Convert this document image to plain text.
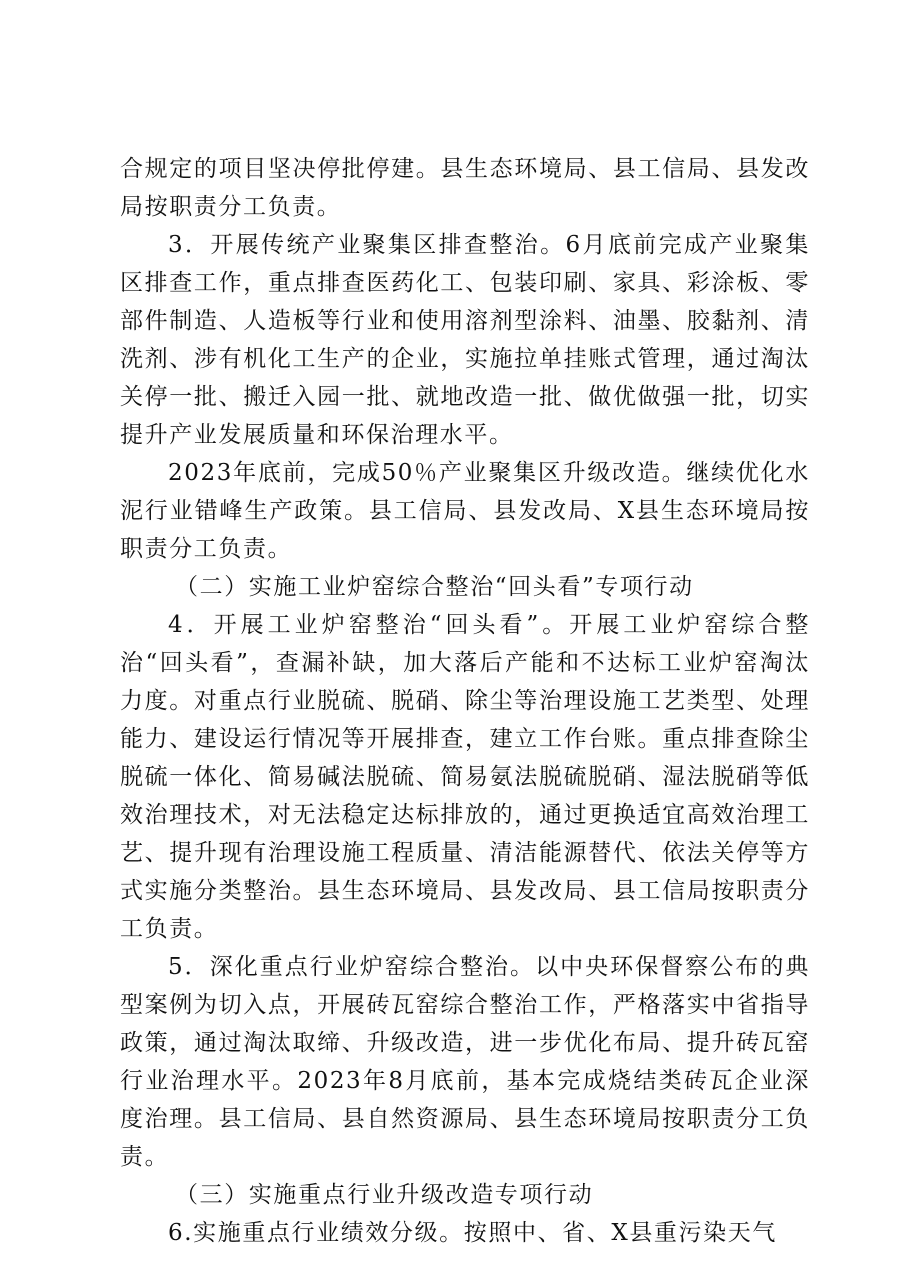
合规定的项目坚决停批停建。县生态环境局、县工信局、县发改局按职责分工负责。

3．开展传统产业聚集区排查整治。6月底前完成产业聚集区排查工作，重点排查医药化工、包装印刷、家具、彩涂板、零部件制造、人造板等行业和使用溶剂型涂料、油墨、胶黏剂、清洗剂、涉有机化工生产的企业，实施拉单挂账式管理，通过淘汰关停一批、搬迁入园一批、就地改造一批、做优做强一批，切实提升产业发展质量和环保治理水平。

2023年底前，完成50％产业聚集区升级改造。继续优化水泥行业错峰生产政策。县工信局、县发改局、X县生态环境局按职责分工负责。

（二）实施工业炉窑综合整治“回头看”专项行动

4．开展工业炉窑整治“回头看”。开展工业炉窑综合整治“回头看”，查漏补缺，加大落后产能和不达标工业炉窑淘汰力度。对重点行业脱硫、脱硝、除尘等治理设施工艺类型、处理能力、建设运行情况等开展排查，建立工作台账。重点排查除尘脱硫一体化、简易碱法脱硫、简易氨法脱硫脱硝、湿法脱硝等低效治理技术，对无法稳定达标排放的，通过更换适宜高效治理工艺、提升现有治理设施工程质量、清洁能源替代、依法关停等方式实施分类整治。县生态环境局、县发改局、县工信局按职责分工负责。

5．深化重点行业炉窑综合整治。以中央环保督察公布的典型案例为切入点，开展砖瓦窑综合整治工作，严格落实中省指导政策，通过淘汰取缔、升级改造，进一步优化布局、提升砖瓦窑行业治理水平。2023年8月底前，基本完成烧结类砖瓦企业深度治理。县工信局、县自然资源局、县生态环境局按职责分工负责。

（三）实施重点行业升级改造专项行动

6.实施重点行业绩效分级。按照中、省、X县重污染天气
